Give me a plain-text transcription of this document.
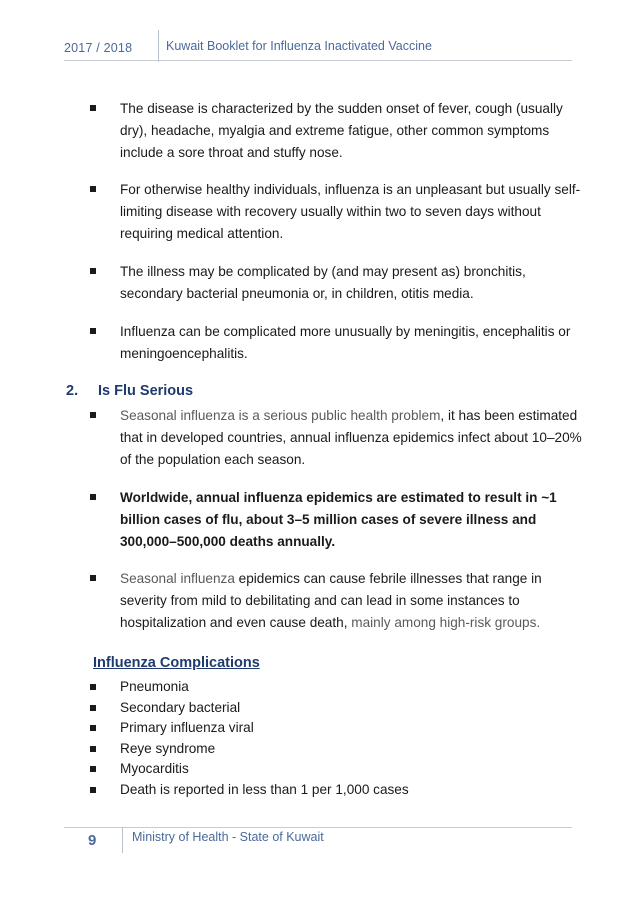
2017 / 2018	Kuwait Booklet for Influenza Inactivated Vaccine
The disease is characterized by the sudden onset of fever, cough (usually dry), headache, myalgia and extreme fatigue, other common symptoms include a sore throat and stuffy nose.
For otherwise healthy individuals, influenza is an unpleasant but usually self-limiting disease with recovery usually within two to seven days without requiring medical attention.
The illness may be complicated by (and may present as) bronchitis, secondary bacterial pneumonia or, in children, otitis media.
Influenza can be complicated more unusually by meningitis, encephalitis or meningoencephalitis.
2. Is Flu Serious
Seasonal influenza is a serious public health problem, it has been estimated that in developed countries, annual influenza epidemics infect about 10–20% of the population each season.
Worldwide, annual influenza epidemics are estimated to result in ~1 billion cases of flu, about 3–5 million cases of severe illness and 300,000–500,000 deaths annually.
Seasonal influenza epidemics can cause febrile illnesses that range in severity from mild to debilitating and can lead in some instances to hospitalization and even cause death, mainly among high-risk groups.
Influenza Complications
Pneumonia
Secondary bacterial
Primary influenza viral
Reye syndrome
Myocarditis
Death is reported in less than 1 per 1,000 cases
9	Ministry of Health - State of Kuwait
